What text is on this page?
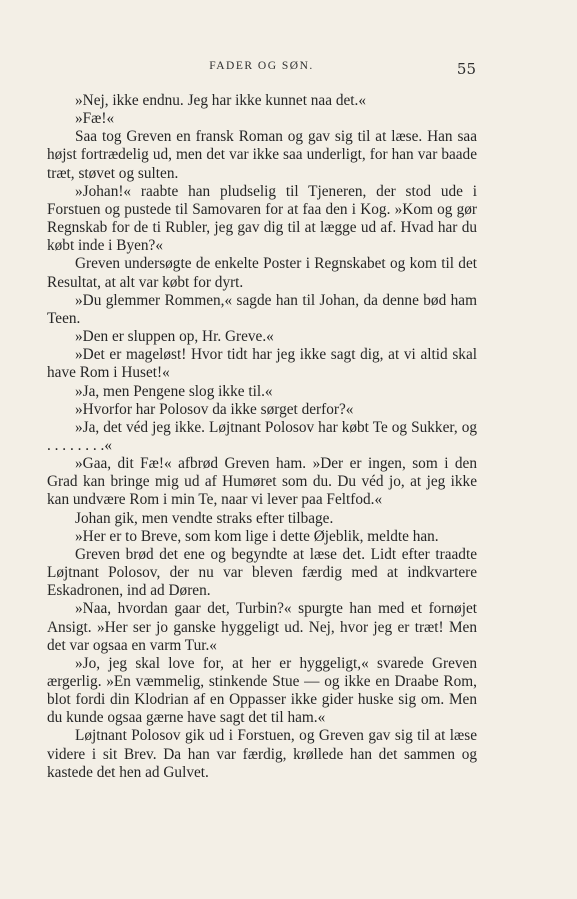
FADER OG SØN.	55

»Nej, ikke endnu. Jeg har ikke kunnet naa det.«

»Fæ!«

Saa tog Greven en fransk Roman og gav sig til at læse. Han saa højst fortrædelig ud, men det var ikke saa underligt, for han var baade træt, støvet og sulten.

»Johan!« raabte han pludselig til Tjeneren, der stod ude i Forstuen og pustede til Samovaren for at faa den i Kog. »Kom og gør Regnskab for de ti Rubler, jeg gav dig til at lægge ud af. Hvad har du købt inde i Byen?«

Greven undersøgte de enkelte Poster i Regnskabet og kom til det Resultat, at alt var købt for dyrt.

»Du glemmer Rommen,« sagde han til Johan, da denne bød ham Teen.

»Den er sluppen op, Hr. Greve.«

»Det er mageløst! Hvor tidt har jeg ikke sagt dig, at vi altid skal have Rom i Huset!«

»Ja, men Pengene slog ikke til.«

»Hvorfor har Polosov da ikke sørget derfor?«

»Ja, det véd jeg ikke. Løjtnant Polosov har købt Te og Sukker, og . . . . . . . .«

»Gaa, dit Fæ!« afbrød Greven ham. »Der er ingen, som i den Grad kan bringe mig ud af Humøret som du. Du véd jo, at jeg ikke kan undvære Rom i min Te, naar vi lever paa Feltfod.«

Johan gik, men vendte straks efter tilbage.

»Her er to Breve, som kom lige i dette Øjeblik, meldte han.

Greven brød det ene og begyndte at læse det. Lidt efter traadte Løjtnant Polosov, der nu var bleven færdig med at indkvartere Eskadronen, ind ad Døren.

»Naa, hvordan gaar det, Turbin?« spurgte han med et fornøjet Ansigt. »Her ser jo ganske hyggeligt ud. Nej, hvor jeg er træt! Men det var ogsaa en varm Tur.«

»Jo, jeg skal love for, at her er hyggeligt,« svarede Greven ærgerlig. »En væmmelig, stinkende Stue — og ikke en Draabe Rom, blot fordi din Klodrian af en Oppasser ikke gider huske sig om. Men du kunde ogsaa gærne have sagt det til ham.«

Løjtnant Polosov gik ud i Forstuen, og Greven gav sig til at læse videre i sit Brev. Da han var færdig, krøllede han det sammen og kastede det hen ad Gulvet.
